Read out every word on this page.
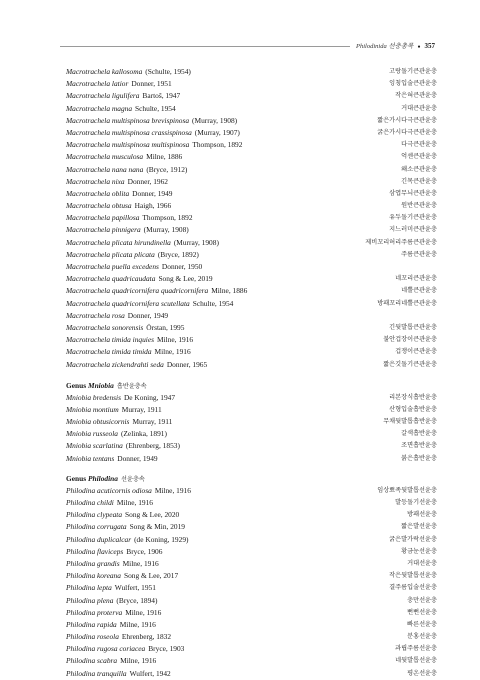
Philodinida 선충총목 ● 357
Macrotrachela kallosoma (Schulte, 1954)	고랑돌기큰관윤충
Macrotrachela latior Donner, 1951	잉칭입술큰관윤충
Macrotrachela ligulifera Bartoš, 1947	작은혀큰관윤충
Macrotrachela magna Schulte, 1954	거대큰관윤충
Macrotrachela multispinosa brevispinosa (Murray, 1908)	짧은가시다극큰관윤충
Macrotrachela multispinosa crassispinosa (Murray, 1907)	굵은가시다극큰관윤충
Macrotrachela multispinosa multispinosa Thompson, 1892	다극큰관윤충
Macrotrachela musculosa Milne, 1886	억센큰관윤충
Macrotrachela nana nana (Bryce, 1912)	왜소큰관윤충
Macrotrachela nixa Donner, 1962	긴목큰관윤충
Macrotrachela oblita Donner, 1949	삼엽무늬큰관윤충
Macrotrachela obtusa Haigh, 1966	원반큰관윤충
Macrotrachela papillosa Thompson, 1892	유두돌기큰관윤충
Macrotrachela pinnigera (Murray, 1908)	지느러미큰관윤충
Macrotrachela plicata hirundinella (Murray, 1908)	제비꼬리허리주름큰관윤충
Macrotrachela plicata plicata (Bryce, 1892)	주름큰관윤충
Macrotrachela puella excedens Donner, 1950
Macrotrachela quadricaudata Song & Lee, 2019	네꼬리큰관윤충
Macrotrachela quadricornifera quadricornifera Milne, 1886	네뿔큰관윤충
Macrotrachela quadricornifera scutellata Schulte, 1954	방패꼬리네뿔큰관윤충
Macrotrachela rosa Donner, 1949
Macrotrachela sonorensis Örstan, 1995	긴뒷발톱큰관윤충
Macrotrachela timida inquies Milne, 1916	불안겁장이큰관윤충
Macrotrachela timida timida Milne, 1916	겁쟁이큰관윤충
Macrotrachela zickendrahti seda Donner, 1965	짧은깃돌기큰관윤충
Genus Mniobia 흡반윤충속
Mniobia bredensis De Koning, 1947	리본장식흡반윤충
Mniobia montium Murray, 1911	산형입술흡반윤충
Mniobia obtusicornis Murray, 1911	무채뒷발톱흡반윤충
Mniobia russeola (Zelinka, 1891)	갈색흡반윤충
Mniobia scarlatina (Ehrenberg, 1853)	조면흡반윤충
Mniobia tentans Donner, 1949	붉은흡반윤충
Genus Philodina 선윤충속
Philodina acuticornis odiosa Milne, 1916	임상뾰족뒷발톱선윤충
Philodina childi Milne, 1916	발등돌기선윤충
Philodina clypeata Song & Lee, 2020	방패선윤충
Philodina corrugata Song & Min, 2019	짧은발선윤충
Philodina duplicalcar (de Koning, 1929)	굵은발가락선윤충
Philodina flaviceps Bryce, 1906	황금눈선윤충
Philodina grandis Milne, 1916	거대선윤충
Philodina koreana Song & Lee, 2017	작은뒷발톱선윤충
Philodina lepta Wulfert, 1951	결주름입술선윤충
Philodina plena (Bryce, 1894)	충만선윤충
Philodina proterva Milne, 1916	뻔뻔선윤충
Philodina rapida Milne, 1916	빠른선윤충
Philodina roseola Ehrenberg, 1832	분홍선윤충
Philodina rugosa coriacea Bryce, 1903	과립주름선윤충
Philodina scabra Milne, 1916	네뒷발톱선윤충
Philodina tranquilla Wulfert, 1942	평온선윤충
